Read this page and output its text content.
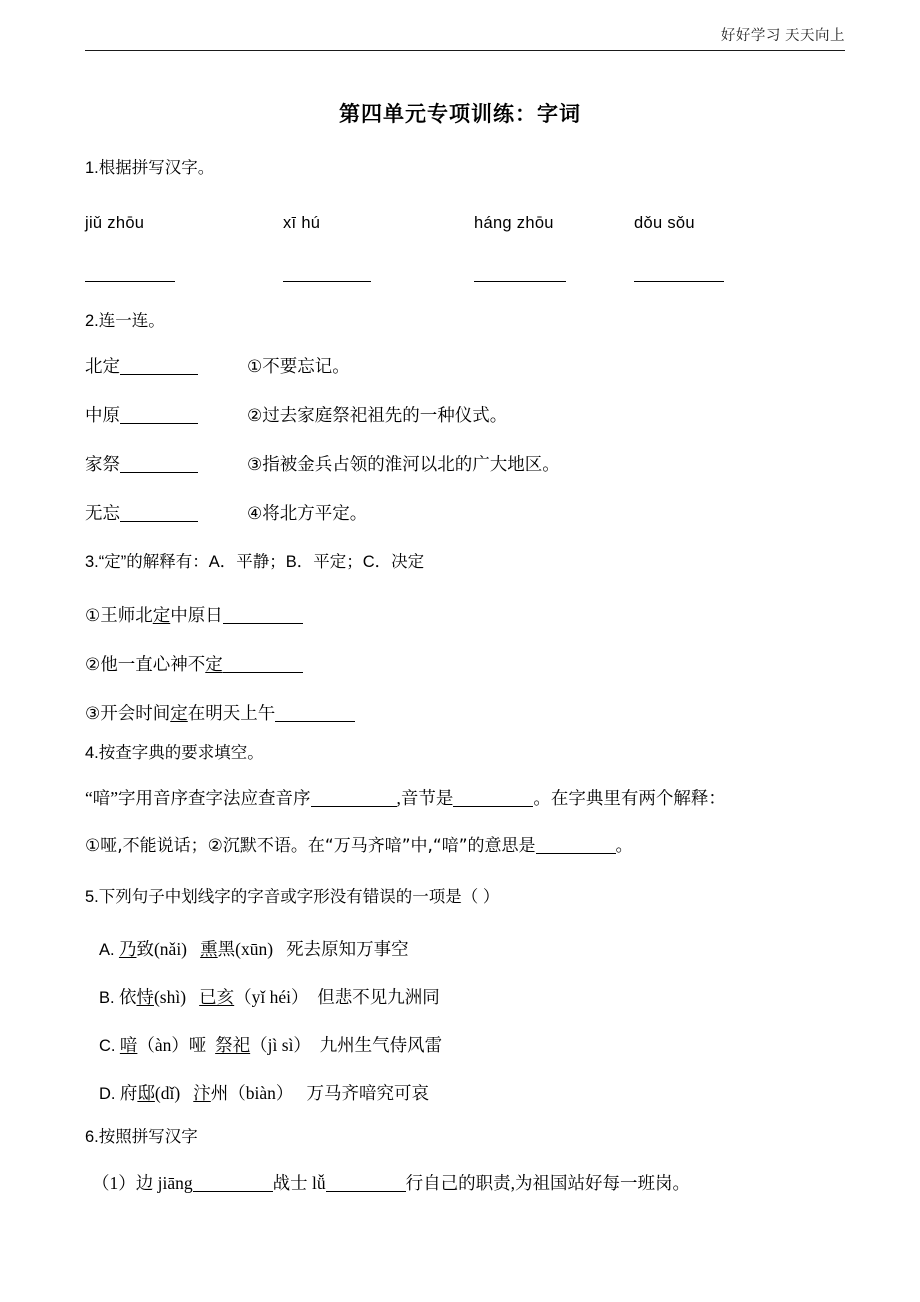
好好学习 天天向上
第四单元专项训练：字词
1.根据拼写汉字。
jiǔ zhōu	xī hú	háng zhōu	dǒu sǒu
2.连一连。
北定
中原
家祭
无忘
①不要忘记。
②过去家庭祭祀祖先的一种仪式。
③指被金兵占领的淮河以北的广大地区。
④将北方平定。
3.“定”的解释有：A．平静；B．平定；C．决定
①王师北定中原日
②他一直心神不定
③开会时间定在明天上午
4.按查字典的要求填空。
“喑”字用音序查字法应查音序	,音节是	。在字典里有两个解释：
①哑,不能说话；②沉默不语。在“万马齐喑”中,“喑”的意思是	。
5.下列句子中划线字的字音或字形没有错误的一项是（ ）
A. 乃致(nǎi) 熏黑(xūn) 死去原知万事空
B. 依恃(shì) 已亥（yǐ héi） 但悲不见九洲同
C. 喑（àn）哑 祭祀（jì sì） 九州生气侍风雷
D. 府邸(dǐ) 汴州（biàn） 万马齐喑究可哀
6.按照拼写汉字
（1）边 jiāng	战士 lǚ	行自己的职责,为祖国站好每一班岗。
